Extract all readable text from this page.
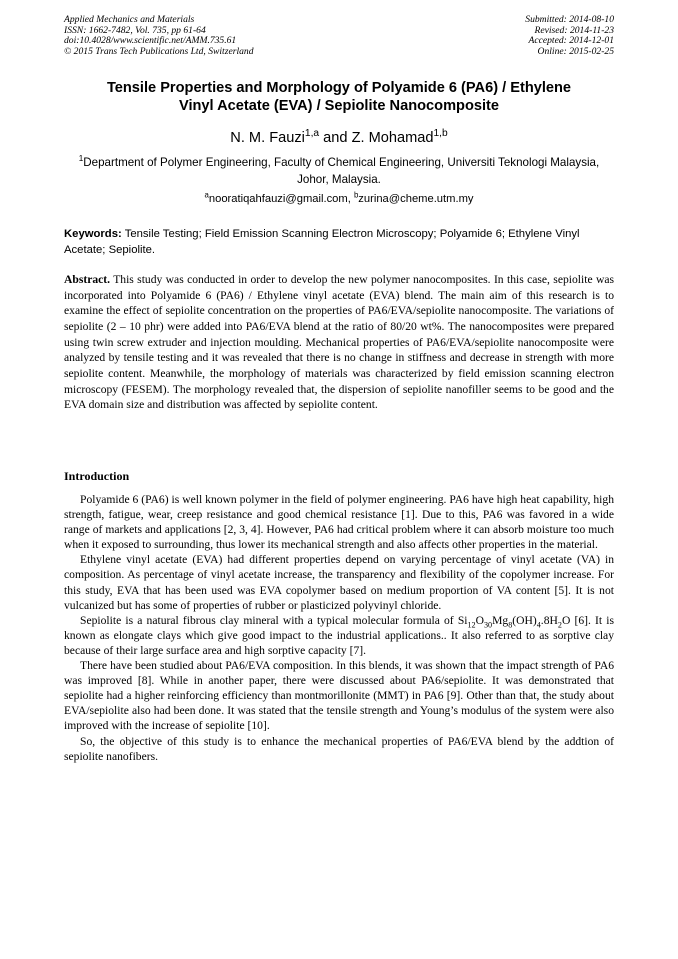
Applied Mechanics and Materials
ISSN: 1662-7482, Vol. 735, pp 61-64
doi:10.4028/www.scientific.net/AMM.735.61
© 2015 Trans Tech Publications Ltd, Switzerland
Submitted: 2014-08-10
Revised: 2014-11-23
Accepted: 2014-12-01
Online: 2015-02-25
Tensile Properties and Morphology of Polyamide 6 (PA6) / Ethylene
Vinyl Acetate (EVA) / Sepiolite Nanocomposite
N. M. Fauzi$^{1,a}$ and Z. Mohamad$^{1,b}$
$^1$Department of Polymer Engineering, Faculty of Chemical Engineering, Universiti Teknologi Malaysia, Johor, Malaysia.
$^a$nooratiqahfauzi@gmail.com, $^b$zurina@cheme.utm.my
Keywords: Tensile Testing; Field Emission Scanning Electron Microscopy; Polyamide 6; Ethylene Vinyl Acetate; Sepiolite.
Abstract. This study was conducted in order to develop the new polymer nanocomposites. In this case, sepiolite was incorporated into Polyamide 6 (PA6) / Ethylene vinyl acetate (EVA) blend. The main aim of this research is to examine the effect of sepiolite concentration on the properties of PA6/EVA/sepiolite nanocomposite. The variations of sepiolite (2 – 10 phr) were added into PA6/EVA blend at the ratio of 80/20 wt%. The nanocomposites were prepared using twin screw extruder and injection moulding. Mechanical properties of PA6/EVA/sepiolite nanocomposite were analyzed by tensile testing and it was revealed that there is no change in stiffness and decrease in strength with more sepiolite content. Meanwhile, the morphology of materials was characterized by field emission scanning electron microscopy (FESEM). The morphology revealed that, the dispersion of sepiolite nanofiller seems to be good and the EVA domain size and distribution was affected by sepiolite content.
Introduction

Polyamide 6 (PA6) is well known polymer in the field of polymer engineering. PA6 have high heat capability, high strength, fatigue, wear, creep resistance and good chemical resistance [1]. Due to this, PA6 was favored in a wide range of markets and applications [2, 3, 4]. However, PA6 had critical problem where it can absorb moisture too much when it exposed to surrounding, thus lower its mechanical strength and also affects other properties in the material.

Ethylene vinyl acetate (EVA) had different properties depend on varying percentage of vinyl acetate (VA) in composition. As percentage of vinyl acetate increase, the transparency and flexibility of the copolymer increase. For this study, EVA that has been used was EVA copolymer based on medium proportion of VA content [5]. It is not vulcanized but has some of properties of rubber or plasticized polyvinyl chloride.

Sepiolite is a natural fibrous clay mineral with a typical molecular formula of $Si_{12}O_{30}Mg_8(OH)_4.8H_2O$ [6]. It is known as elongate clays which give good impact to the industrial applications.. It also referred to as sorptive clay because of their large surface area and high sorptive capacity [7].

There have been studied about PA6/EVA composition. In this blends, it was shown that the impact strength of PA6 was improved [8]. While in another paper, there were discussed about PA6/sepiolite. It was demonstrated that sepiolite had a higher reinforcing efficiency than montmorillonite (MMT) in PA6 [9]. Other than that, the study about EVA/sepiolite also had been done. It was stated that the tensile strength and Young’s modulus of the system were also improved with the increase of sepiolite [10].

So, the objective of this study is to enhance the mechanical properties of PA6/EVA blend by the addtion of sepiolite nanofibers.
